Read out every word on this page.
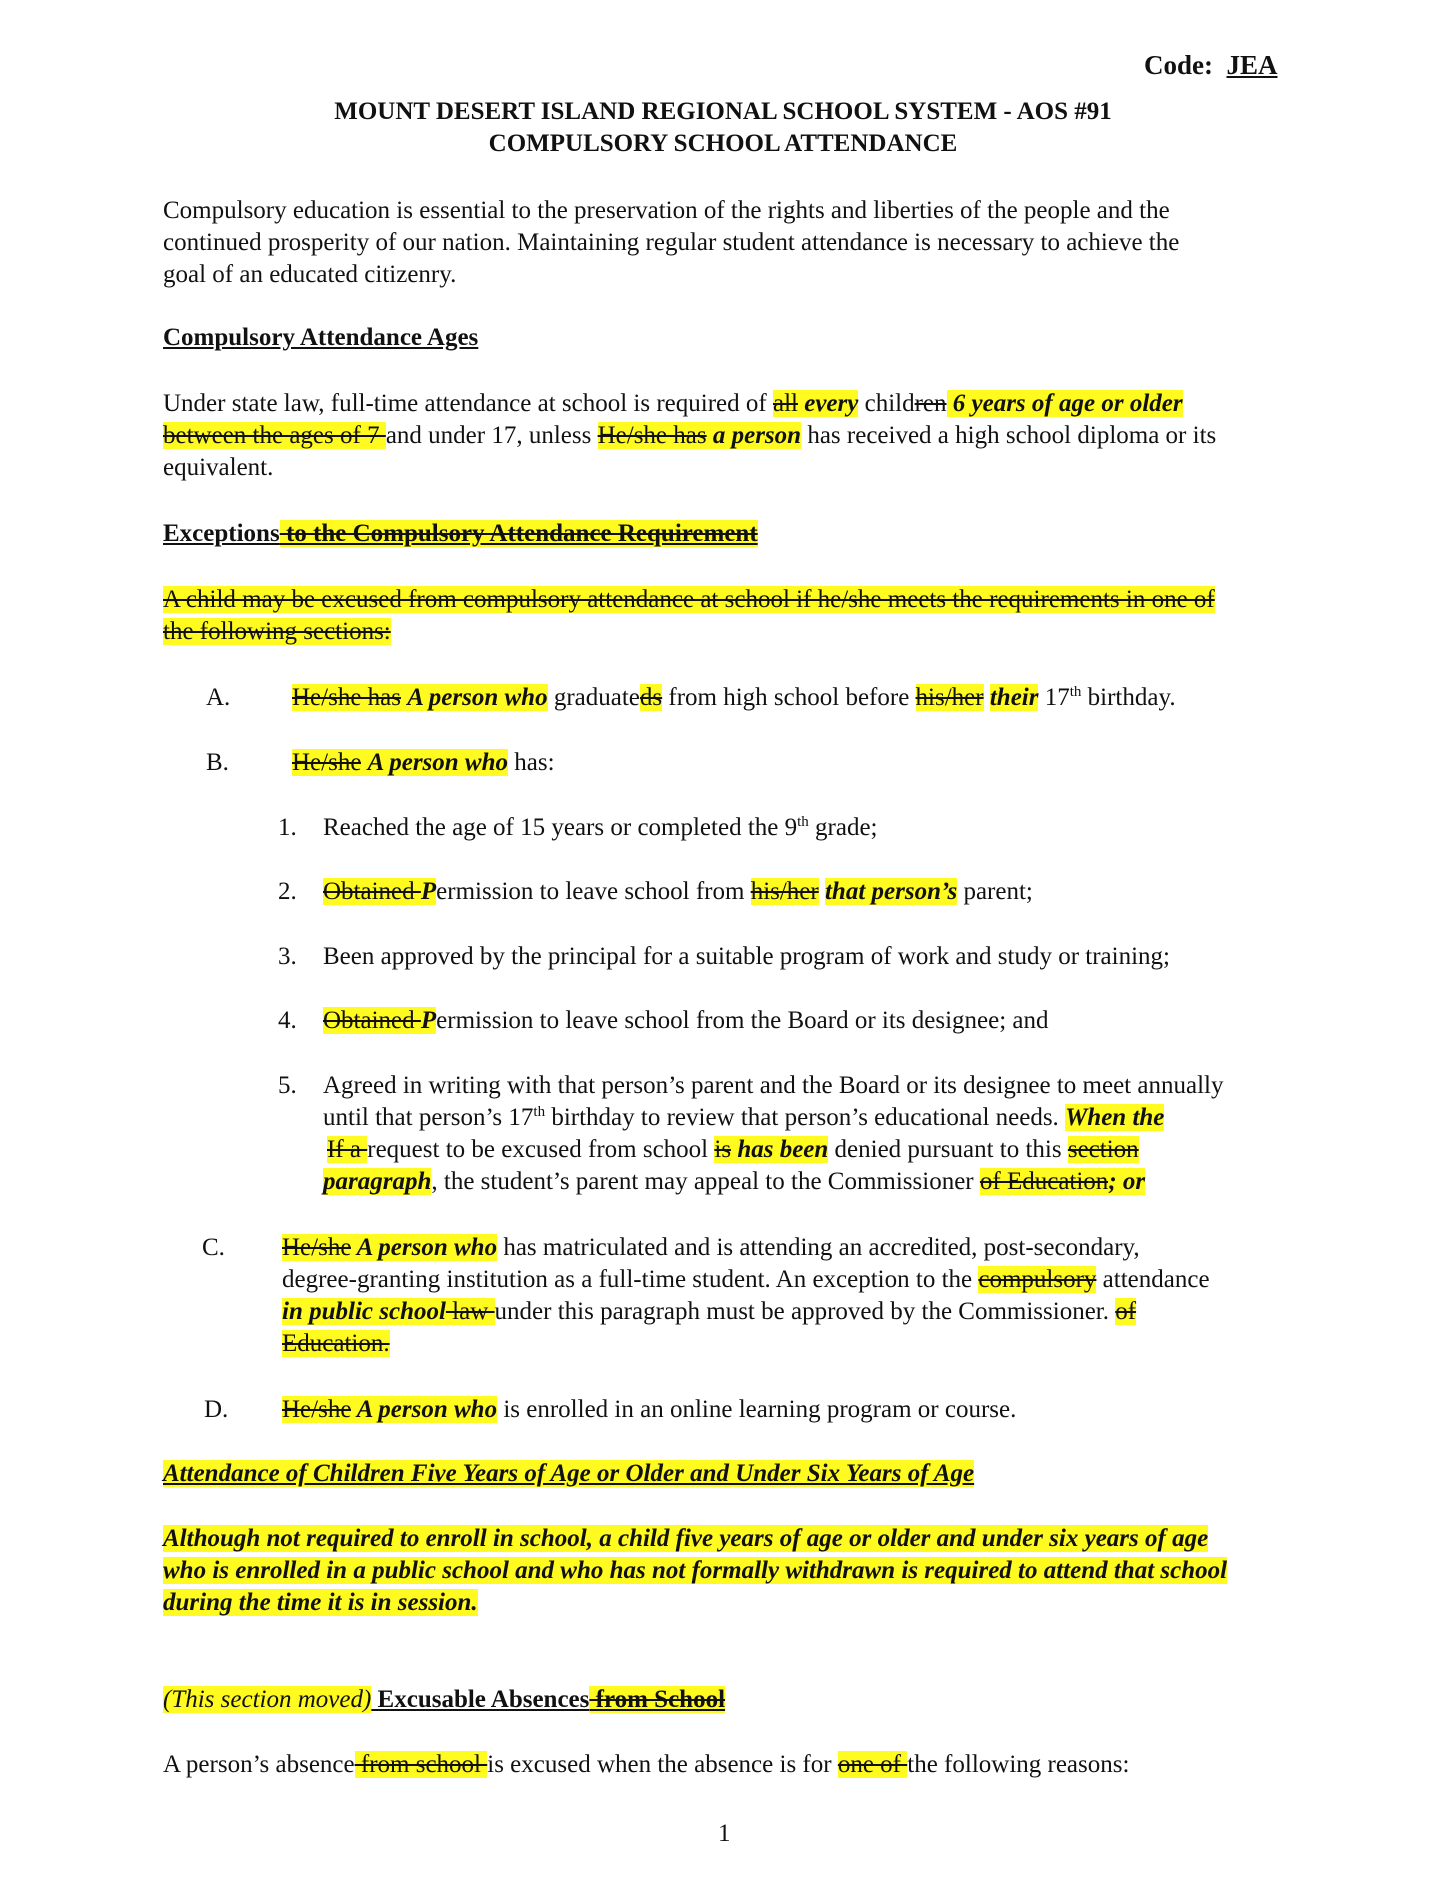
Code: JEA
MOUNT DESERT ISLAND REGIONAL SCHOOL SYSTEM - AOS #91
COMPULSORY SCHOOL ATTENDANCE
Compulsory education is essential to the preservation of the rights and liberties of the people and the
continued prosperity of our nation. Maintaining regular student attendance is necessary to achieve the
goal of an educated citizenry.
Compulsory Attendance Ages
Under state law, full-time attendance at school is required of all every children 6 years of age or older
between the ages of 7 and under 17, unless He/she has a person has received a high school diploma or its
equivalent.
Exceptions to the Compulsory Attendance Requirement
A child may be excused from compulsory attendance at school if he/she meets the requirements in one of
the following sections:
A. He/she has A person who graduateds from high school before his/her their 17th birthday.
B.	He/she A person who has:
1. Reached the age of 15 years or completed the 9th grade;
2. Obtained Permission to leave school from his/her that person’s parent;
3. Been approved by the principal for a suitable program of work and study or training;
4. Obtained Permission to leave school from the Board or its designee; and
5. Agreed in writing with that person’s parent and the Board or its designee to meet annually
until that person’s 17th birthday to review that person’s educational needs. When the
If a request to be excused from school is has been denied pursuant to this section
paragraph, the student’s parent may appeal to the Commissioner of Education; or
C. He/she A person who has matriculated and is attending an accredited, post-secondary,
degree-granting institution as a full-time student. An exception to the compulsory attendance
in public school law under this paragraph must be approved by the Commissioner. of
Education.
D. He/she A person who is enrolled in an online learning program or course.
Attendance of Children Five Years of Age or Older and Under Six Years of Age
Although not required to enroll in school, a child five years of age or older and under six years of age
who is enrolled in a public school and who has not formally withdrawn is required to attend that school
during the time it is in session.
(This section moved) Excusable Absences from School
A person’s absence from school is excused when the absence is for one of the following reasons:
1
